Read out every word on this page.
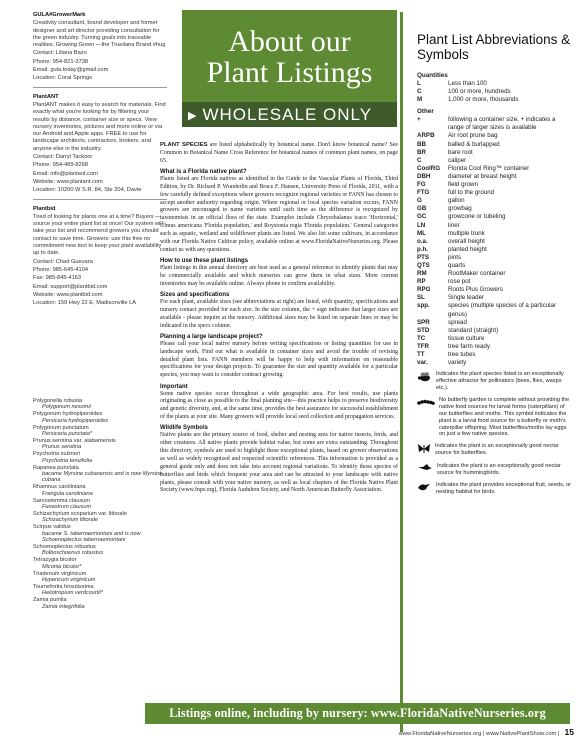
GULA#GrowerMark
Creativity consultant, brand developer and former designer and art director providing consultation for the green industry. Turning goals into traceable realities. Growing Green —the Trueliana Brand #hug
Contact: Liliana Bazo
Phone: 954-821-3738
Email: gula.today@gmail.com
Location: Coral Springs
PlantANT
PlantANT makes it easy to search for materials. Find exactly what you're looking for by filtering your results by distance, container size or specs. View nursery inventories, pictures and more online or via our Android and Apple apps. FREE to use for landscape architects, contractors, brokers, and anyone else in the industry.
Contact: Darryl Tackoor
Phone: 954-489-8268
Email: info@plantant.com
Website: www.plantant.com
Location: 10200 W S.R. 84, Ste 204, Davie
Plantbid
Tired of looking for plants one at a time? Buyers — source your entire plant list at once! Our system will take your list and recommend growers you should contact to save time. Growers: use this free no commitment new tool to keep your plant availability up to date.
Contact: Chad Guevara
Phone: 985-645-4104
Fax: 985-845-4163
Email: support@plantbid.com
Website: www.plantbid.com
Location: 159 Hwy 22 E, Madisonville LA
Polygonella robusta
Polygonum nesomii
Polygonum hydropiperoides
Persicaria hydropiperoides
Polygonum punctatum
Persicaria punctata*
Prunus serotina var. alabamensis
Prunus serotina
Psychotria sulzneri
Psychotria tenuifolia
Rapanea punctata
bacame Myrsine cubanensis and is now Myrsine cubana
Rhamnus caroliniana
Frangula caroliniana
Sarcostemma clausum
Funastrum clausum
Schizachyrium scoparium var. littorale
Schizachyrium littorale
Scirpus validus
bacame S. tabernaemontani and is now Schoenoplectus tabernaemontani
Schoenoplectus robustus
Bolboschoenus robustus
Tetrazygia bicolor
Miconia bicolor*
Triadenum virginicum
Hypericum virginicum
Tournefortia hirsutissima
Heliotropium verdcourtii*
Zamia pumila
Zamia integrifolia
About our
Plant Listings
▶ WHOLESALE ONLY

PLANT SPECIES are listed alphabetically by botanical name. Don't know botanical name? See Common to Botanical Name Cross Reference for botanical names of common plant names, on page 65.

What is a Florida native plant?

Plants listed are Florida natives as identified in the Guide to the Vascular Plants of Florida, Third Edition, by Dr. Richard P. Wunderlin and Bruce F. Hansen, University Press of Florida, 2011, with a few carefully defined exceptions where growers recognize regional varieties or FANN has chosen to accept another authority regarding origin. Where regional or local species variation occurs, FANN growers are encouraged to name varieties until such time as the difference is recognized by taxonomists in an official flora of the state. Examples include Chrysobalanus icaco 'Horizontal,' Ulmus americana 'Florida population,' and Roystonia regia 'Florida population.' General categories such as aquatic, wetland and wildflower plants are listed. We also list some cultivars, in accordance with our Florida Native Cultivar policy, available online at www.FloridaNativeNurseries.org. Please contact us with any questions.

How to use these plant listings

Plant listings in this annual directory are best used as a general reference to identify plants that may be commercially available and which nurseries can grow them in what sizes. More current inventories may be available online. Always phone to confirm availability.

Sizes and specifications

For each plant, available sizes (see abbreviations at right) are listed, with quantity, specifications and nursery contact provided for each size. In the size column, the + sign indicates that larger sizes are available - please inquire at the nursery. Additional sizes may be listed on separate lines or may be indicated in the specs column.

Planning a large landscape project?

Please call your local native nursery before writing specifications or listing quantities for use in landscape work. Find out what is available in container sizes and avoid the trouble of revising detailed plant lists. FANN members will be happy to help with information on reasonable specifications for your design projects. To guarantee the size and quantity available for a particular species, you may want to consider contract growing.

Important

Some native species occur throughout a wide geographic area. For best results, use plants originating as close as possible to the final planting site—this practice helps to preserve biodiversity and genetic diversity, and, at the same time, provides the best assurance for successful establishment of the plants at your site. Many growers will provide local seed collection and propagation services.

Wildlife Symbols

Native plants are the primary source of food, shelter and nesting area for native insects, birds, and other creatures. All native plants provide habitat value, but some are extra outstanding. Throughout this directory, symbols are used to highlight these exceptional plants, based on grower observations as well as widely recognized and respected scientific references. This information is provided as a general guide only and does not take into account regional variations. To identify those species of butterflies and birds which frequent your area and can be attracted to your landscape with native plants, please consult with your native nursery, as well as local chapters of the Florida Native Plant Society (www.fnps.org), Florida Audubon Society, and North American Butterfly Association.

Plant List Abbreviations & Symbols
Quantities
L	Less than 100
C	100 or more, hundreds
M	1,000 or more, thousands
Other
+	following a container size, + indicates a range of larger sizes is available
ARPB	Air root prune bag
BB	balled & burlapped
BR	bare root
C	caliper
CoolRG	Florida Cool Ring™ container
DBH	diameter at breast height
FG	field grown
FTG	full to the ground
G	gallon
GB	growbag
GC	growcone or tubeling
LN	liner
ML	multiple trunk
o.a.	overall height
p.h.	planted height
PTS	pints
QTS	quarts
RM	RootMaker container
RP	rose pot
RPG	Roots Plus Growers
SL	Single leader
spp.	species (multiple species of a particular genus)
SPR	spread
STD	standard (straight)
TC	tissue culture
TFR	tree farm ready
TT	tree tubes
var.	variety
Indicates the plant species listed is an exceptionally effective attractor for pollinators (bees, flies, wasps etc.).
No butterfly garden is complete without providing the native food sources for larval forms (caterpillars) of our butterflies and moths. This symbol indicates the plant is a larval food source for a butterfly or moth's caterpillar offspring. Most butterflies/moths lay eggs on just a few native species.
Indicates the plant is an exceptionally good nectar source for butterflies.
Indicates the plant is an exceptionally good nectar source for hummingbirds.
Indicates the plant provides exceptional fruit, seeds, or nesting habitat for birds.
Listings online, including by nursery: www.FloridaNativeNurseries.org
www.FloridaNativeNurseries.org | www.NativePlantShow.com | 15
